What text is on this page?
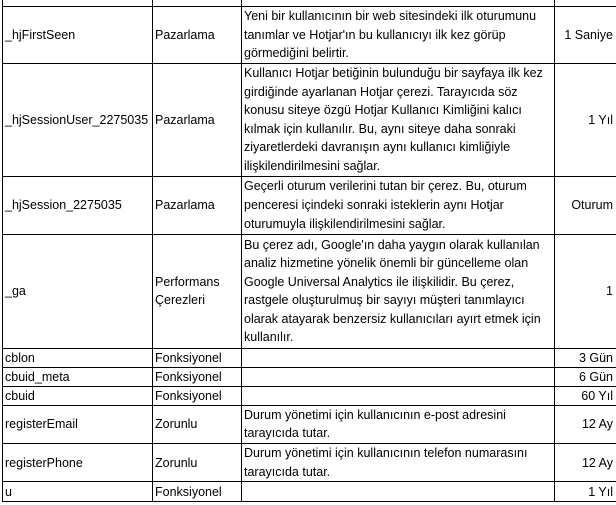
_hjFirstSeen	Pazarlama	Yeni bir kullanıcının bir web sitesindeki ilk oturumunu tanımlar ve Hotjar'ın bu kullanıcıyı ilk kez görüp görmediğini belirtir.	1 Saniye
_hjSessionUser_2275035	Pazarlama	Kullanıcı Hotjar betiğinin bulunduğu bir sayfaya ilk kez girdiğinde ayarlanan Hotjar çerezi. Tarayıcıda söz konusu siteye özgü Hotjar Kullanıcı Kimliğini kalıcı kılmak için kullanılır. Bu, aynı siteye daha sonraki ziyaretlerdeki davranışın aynı kullanıcı kimliğiyle ilişkilendirilmesini sağlar.	1 Yıl
_hjSession_2275035	Pazarlama	Geçerli oturum verilerini tutan bir çerez. Bu, oturum penceresi içindeki sonraki isteklerin aynı Hotjar oturumuyla ilişkilendirilmesini sağlar.	Oturum
_ga	Performans Çerezleri	Bu çerez adı, Google'ın daha yaygın olarak kullanılan analiz hizmetine yönelik önemli bir güncelleme olan Google Universal Analytics ile ilişkilidir. Bu çerez, rastgele oluşturulmuş bir sayıyı müşteri tanımlayıcı olarak atayarak benzersiz kullanıcıları ayırt etmek için kullanılır.	1
cblon	Fonksiyonel		3 Gün
cbuid_meta	Fonksiyonel		6 Gün
cbuid	Fonksiyonel		60 Yıl
registerEmail	Zorunlu	Durum yönetimi için kullanıcının e-post adresini tarayıcıda tutar.	12 Ay
registerPhone	Zorunlu	Durum yönetimi için kullanıcının telefon numarasını tarayıcıda tutar.	12 Ay
u	Fonksiyonel		1 Yıl
